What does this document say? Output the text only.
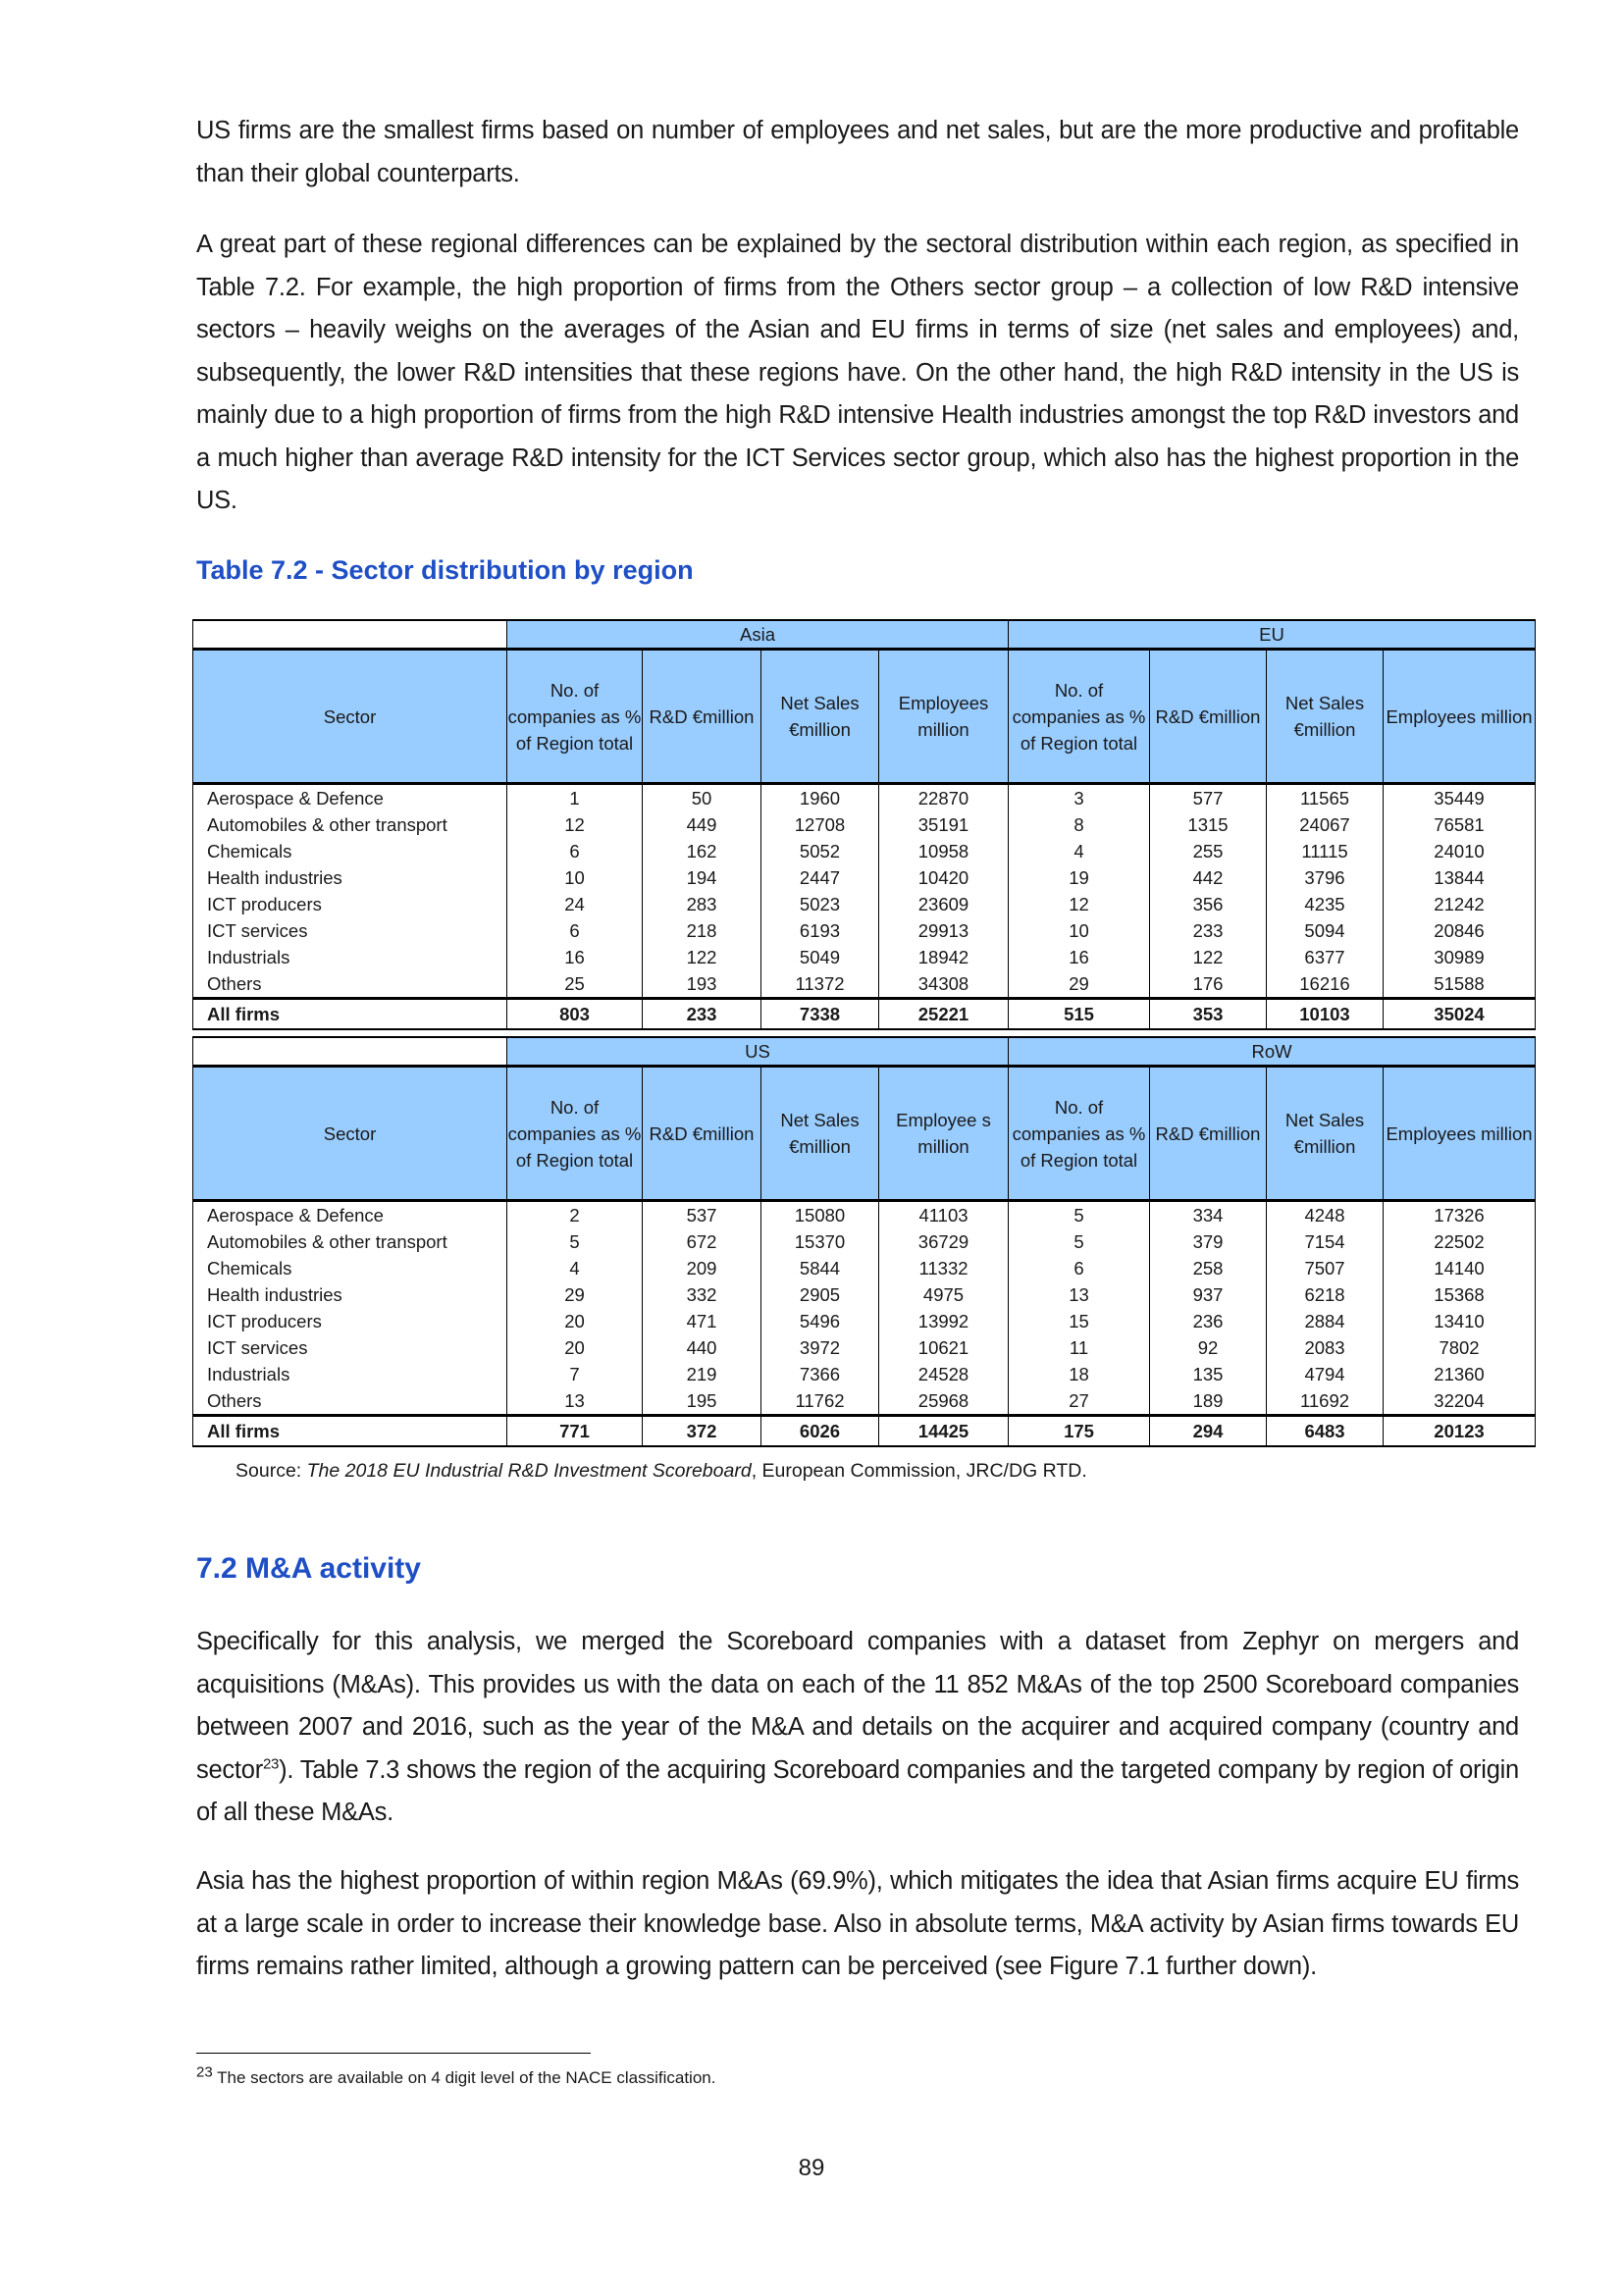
US firms are the smallest firms based on number of employees and net sales, but are the more productive and profitable than their global counterparts.

A great part of these regional differences can be explained by the sectoral distribution within each region, as specified in Table 7.2. For example, the high proportion of firms from the Others sector group – a collection of low R&D intensive sectors – heavily weighs on the averages of the Asian and EU firms in terms of size (net sales and employees) and, subsequently, the lower R&D intensities that these regions have. On the other hand, the high R&D intensity in the US is mainly due to a high proportion of firms from the high R&D intensive Health industries amongst the top R&D investors and a much higher than average R&D intensity for the ICT Services sector group, which also has the highest proportion in the US.

Table 7.2 - Sector distribution by region

	Asia				EU			
Sector	No. of companies as % of Region total	R&D €million	Net Sales €million	Employees million	No. of companies as % of Region total	R&D €million	Net Sales €million	Employees million
Aerospace & Defence	1	50	1960	22870	3	577	11565	35449
Automobiles & other transport	12	449	12708	35191	8	1315	24067	76581
Chemicals	6	162	5052	10958	4	255	11115	24010
Health industries	10	194	2447	10420	19	442	3796	13844
ICT producers	24	283	5023	23609	12	356	4235	21242
ICT services	6	218	6193	29913	10	233	5094	20846
Industrials	16	122	5049	18942	16	122	6377	30989
Others	25	193	11372	34308	29	176	16216	51588
All firms	803	233	7338	25221	515	353	10103	35024
	US				RoW			
Sector	No. of companies as % of Region total	R&D €million	Net Sales €million	Employee s million	No. of companies as % of Region total	R&D €million	Net Sales €million	Employees million
Aerospace & Defence	2	537	15080	41103	5	334	4248	17326
Automobiles & other transport	5	672	15370	36729	5	379	7154	22502
Chemicals	4	209	5844	11332	6	258	7507	14140
Health industries	29	332	2905	4975	13	937	6218	15368
ICT producers	20	471	5496	13992	15	236	2884	13410
ICT services	20	440	3972	10621	11	92	2083	7802
Industrials	7	219	7366	24528	18	135	4794	21360
Others	13	195	11762	25968	27	189	11692	32204
All firms	771	372	6026	14425	175	294	6483	20123

Source: The 2018 EU Industrial R&D Investment Scoreboard, European Commission, JRC/DG RTD.

7.2 M&A activity

Specifically for this analysis, we merged the Scoreboard companies with a dataset from Zephyr on mergers and acquisitions (M&As). This provides us with the data on each of the 11 852 M&As of the top 2500 Scoreboard companies between 2007 and 2016, such as the year of the M&A and details on the acquirer and acquired company (country and sector$^{23}$). Table 7.3 shows the region of the acquiring Scoreboard companies and the targeted company by region of origin of all these M&As.

Asia has the highest proportion of within region M&As (69.9%), which mitigates the idea that Asian firms acquire EU firms at a large scale in order to increase their knowledge base. Also in absolute terms, M&A activity by Asian firms towards EU firms remains rather limited, although a growing pattern can be perceived (see Figure 7.1 further down).

$^{23}$ The sectors are available on 4 digit level of the NACE classification.

89
